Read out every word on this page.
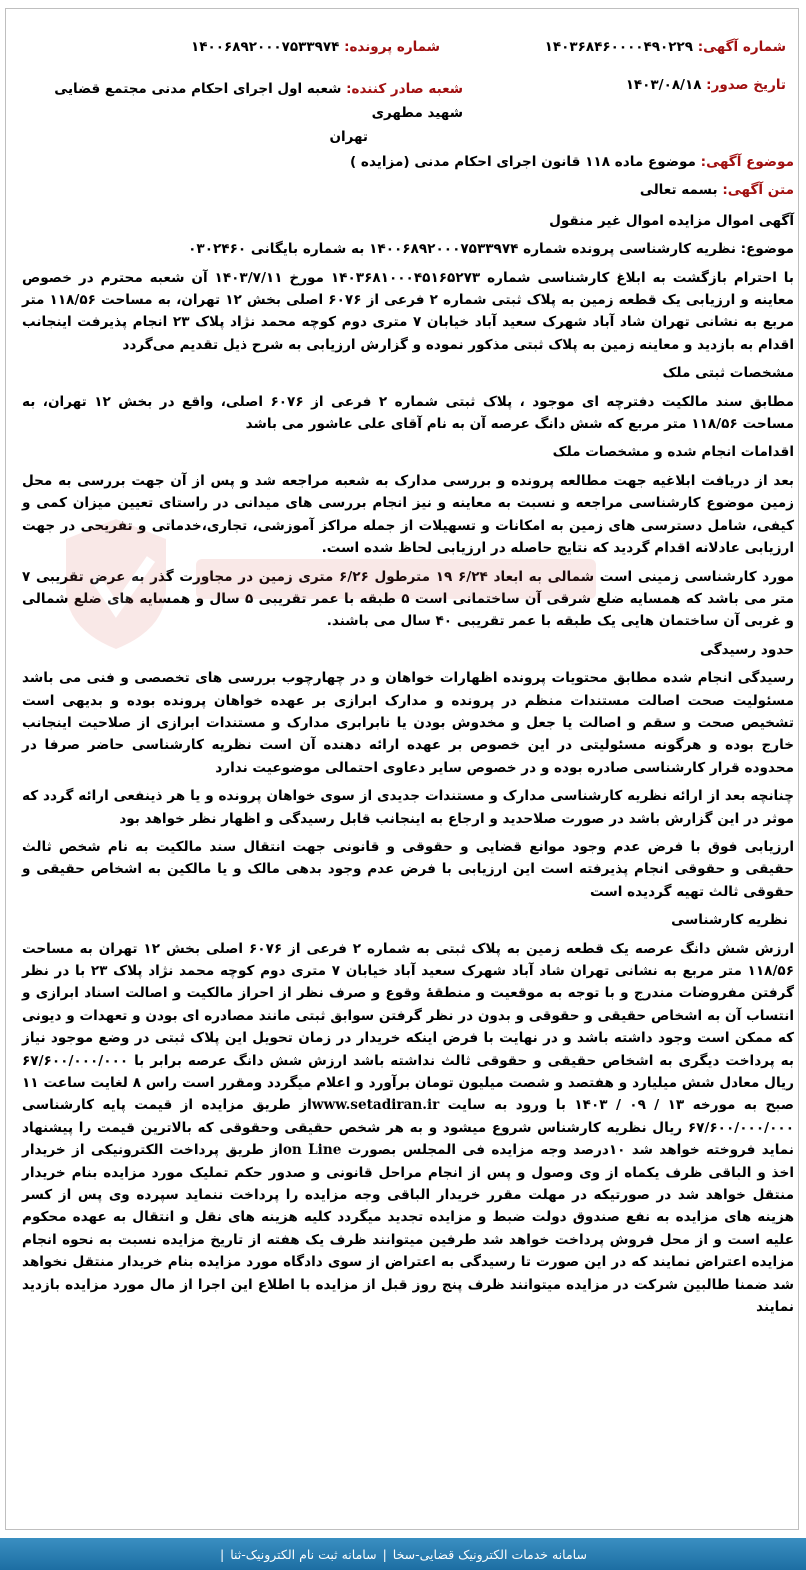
شماره آگهی: ۱۴۰۳۶۸۴۶۰۰۰۰۴۹۰۲۲۹
شماره پرونده: ۱۴۰۰۶۸۹۲۰۰۰۷۵۳۳۹۷۴
تاریخ صدور: ۱۴۰۳/۰۸/۱۸
شعبه صادر کننده: شعبه اول اجرای احکام مدنی مجتمع قضایی شهید مطهری
تهران

موضوع آگهی: موضوع ماده ۱۱۸ قانون اجرای احکام مدنی (مزایده )

متن آگهی: بسمه تعالی

آگهی اموال مزایده اموال غیر منقول

موضوع: نظریه کارشناسی پرونده شماره ۱۴۰۰۶۸۹۲۰۰۰۷۵۳۳۹۷۴ به شماره بایگانی ۰۳۰۲۴۶۰

با احترام بازگشت به ابلاغ کارشناسی شماره ۱۴۰۳۶۸۱۰۰۰۴۵۱۶۵۲۷۳ مورخ ۱۴۰۳/۷/۱۱ آن شعبه محترم در خصوص معاینه و ارزیابی یک قطعه زمین به پلاک ثبتی شماره ۲ فرعی از ۶۰۷۶ اصلی بخش ۱۲ تهران، به مساحت ۱۱۸/۵۶ متر مربع به نشانی تهران شاد آباد شهرک سعید آباد خیابان ۷ متری دوم کوچه محمد نژاد پلاک ۲۳ انجام پذیرفت اینجانب اقدام به بازدید و معاینه زمین به پلاک ثبتی مذکور نموده و گزارش ارزیابی به شرح ذیل تقدیم می‌گردد

مشخصات ثبتی ملک

مطابق سند مالکیت دفترچه ای موجود ، پلاک ثبتی شماره ۲ فرعی از ۶۰۷۶ اصلی، واقع در بخش ۱۲ تهران، به مساحت ۱۱۸/۵۶ متر مربع که شش دانگ عرصه آن به نام آقای علی عاشور می باشد

اقدامات انجام شده و مشخصات ملک

بعد از دریافت ابلاغیه جهت مطالعه پرونده و بررسی مدارک به شعبه مراجعه شد و پس از آن جهت بررسی به محل زمین موضوع کارشناسی مراجعه و نسبت به معاینه و نیز انجام بررسی های میدانی در راستای تعیین میزان کمی و کیفی، شامل دسترسی های زمین به امکانات و تسهیلات از جمله مراکز آموزشی، تجاری،خدماتی و تفریحی در جهت ارزیابی عادلانه اقدام گردید که نتایج حاصله در ارزیابی لحاظ شده است.

مورد کارشناسی زمینی است شمالی به ابعاد ۶/۲۴ ۱۹ مترطول ۶/۲۶ متری زمین در مجاورت گذر به عرض تقریبی ۷ متر می باشد که همسایه ضلع شرقی آن ساختمانی است ۵ طبقه با عمر تقریبی ۵ سال و همسایه های ضلع شمالی و غربی آن ساختمان هایی یک طبقه با عمر تقریبی ۴۰ سال می باشند.

حدود رسیدگی

رسیدگی انجام شده مطابق محتویات پرونده اظهارات خواهان و در چهارچوب بررسی های تخصصی و فنی می باشد مسئولیت صحت اصالت مستندات منظم در پرونده و مدارک ابرازی بر عهده خواهان پرونده بوده و بدیهی است تشخیص صحت و سقم و اصالت یا جعل و مخدوش بودن یا نابرابری مدارک و مستندات ابرازی از صلاحیت اینجانب خارج بوده و هرگونه مسئولیتی در این خصوص بر عهده ارائه دهنده آن است نظریه کارشناسی حاضر صرفا در محدوده قرار کارشناسی صادره بوده و در خصوص سایر دعاوی احتمالی موضوعیت ندارد

چنانچه بعد از ارائه نظریه کارشناسی مدارک و مستندات جدیدی از سوی خواهان پرونده و یا هر ذینفعی ارائه گردد که موثر در این گزارش باشد در صورت صلاحدید و ارجاع به اینجانب قابل رسیدگی و اظهار نظر خواهد بود

ارزیابی فوق با فرض عدم وجود موانع قضایی و حقوقی و قانونی جهت انتقال سند مالکیت به نام شخص ثالث حقیقی و حقوقی انجام پذیرفته است این ارزیابی با فرض عدم وجود بدهی مالک و یا مالکین به اشخاص حقیقی و حقوقی ثالث تهیه گردیده است

نظریه کارشناسی

ارزش شش دانگ عرصه یک قطعه زمین به پلاک ثبتی به شماره ۲ فرعی از ۶۰۷۶ اصلی بخش ۱۲ تهران به مساحت ۱۱۸/۵۶ متر مربع به نشانی تهران شاد آباد شهرک سعید آباد خیابان ۷ متری دوم کوچه محمد نژاد پلاک ۲۳ با در نظر گرفتن مفروضات مندرج و با توجه به موقعیت و منطقهٔ وقوع و صرف نظر از احراز مالکیت و اصالت اسناد ابرازی و انتساب آن به اشخاص حقیقی و حقوقی و بدون در نظر گرفتن سوابق ثبتی مانند مصادره ای بودن و تعهدات و دیونی که ممکن است وجود داشته باشد و در نهایت با فرض اینکه خریدار در زمان تحویل این پلاک ثبتی در وضع موجود نیاز به پرداخت دیگری به اشخاص حقیقی و حقوقی ثالث نداشته باشد ارزش شش دانگ عرصه برابر با ۶۷/۶۰۰/۰۰۰/۰۰۰ ریال معادل شش میلیارد و هفتصد و شصت میلیون تومان برآورد و اعلام میگردد ومقرر است راس ۸ لغایت ساعت ۱۱ صبح به مورخه ۱۳ / ۰۹ / ۱۴۰۳ با ورود به سایت www.setadiran.irاز طریق مزایده از قیمت پایه کارشناسی ۶۷/۶۰۰/۰۰۰/۰۰۰ ریال نظریه کارشناس شروع میشود و به هر شخص حقیقی وحقوقی که بالاترین قیمت را پیشنهاد نماید فروخته خواهد شد ۱۰درصد وجه مزایده فی المجلس بصورت on Lineاز طریق پرداخت الکترونیکی از خریدار اخذ و الباقی ظرف یکماه از وی وصول و پس از انجام مراحل قانونی و صدور حکم تملیک مورد مزایده بنام خریدار منتقل خواهد شد در صورتیکه در مهلت مقرر خریدار الباقی وجه مزایده را پرداخت ننماید سپرده وی پس از کسر هزینه های مزایده به نفع صندوق دولت ضبط و مزایده تجدید میگردد کلیه هزینه های نقل و انتقال به عهده محکوم علیه است و از محل فروش پرداخت خواهد شد طرفین میتوانند ظرف یک هفته از تاریخ مزایده نسبت به نحوه انجام مزایده اعتراض نمایند که در این صورت تا رسیدگی به اعتراض از سوی دادگاه مورد مزایده بنام خریدار منتقل نخواهد شد ضمنا طالبین شرکت در مزایده میتوانند ظرف پنج روز قبل از مزایده با اطلاع این اجرا از مال مورد مزایده بازدید نمایند

سامانه خدمات الکترونیک قضایی-سخا
|
سامانه ثبت نام الکترونیک-ثنا
|
